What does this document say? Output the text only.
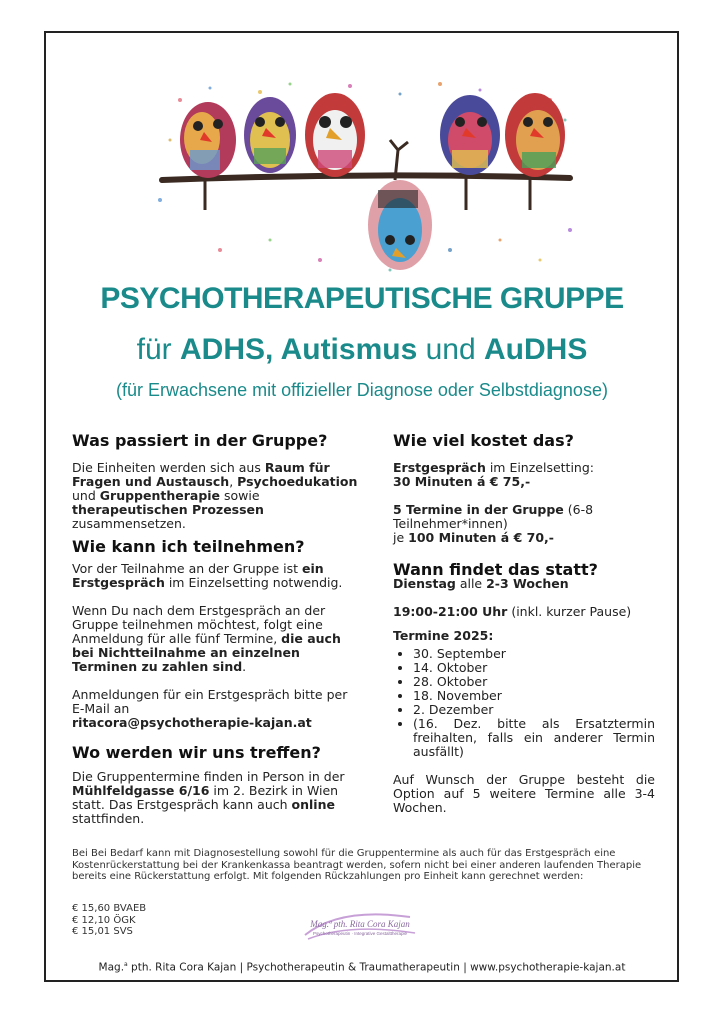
PSYCHOTHERAPEUTISCHE GRUPPE
für ADHS, Autismus und AuDHS
(für Erwachsene mit offizieller Diagnose oder Selbstdiagnose)
Was passiert in der Gruppe?

Die Einheiten werden sich aus Raum für Fragen und Austausch, Psychoedukation und Gruppentherapie sowie therapeutischen Prozessen zusammensetzen.

Wie kann ich teilnehmen?

Vor der Teilnahme an der Gruppe ist ein Erstgespräch im Einzelsetting notwendig.

Wenn Du nach dem Erstgespräch an der Gruppe teilnehmen möchtest, folgt eine Anmeldung für alle fünf Termine, die auch bei Nichtteilnahme an einzelnen Terminen zu zahlen sind.

Anmeldungen für ein Erstgespräch bitte per E-Mail an
ritacora@psychotherapie-kajan.at

Wo werden wir uns treffen?

Die Gruppentermine finden in Person in der Mühlfeldgasse 6/16 im 2. Bezirk in Wien statt. Das Erstgespräch kann auch online stattfinden.

Wie viel kostet das?

Erstgespräch im Einzelsetting:
30 Minuten á € 75,-

5 Termine in der Gruppe (6-8 Teilnehmer*innen)
je 100 Minuten á € 70,-

Wann findet das statt?

Dienstag alle 2-3 Wochen

19:00-21:00 Uhr (inkl. kurzer Pause)

Termine 2025:

• 30. September
• 14. Oktober
• 28. Oktober
• 18. November
• 2. Dezember
• (16. Dez. bitte als Ersatztermin freihalten, falls ein anderer Termin ausfällt)

Auf Wunsch der Gruppe besteht die Option auf 5 weitere Termine alle 3-4 Wochen.

Bei Bei Bedarf kann mit Diagnosestellung sowohl für die Gruppentermine als auch für das Erstgespräch eine Kostenrückerstattung bei der Krankenkassa beantragt werden, sofern nicht bei einer anderen laufenden Therapie bereits eine Rückerstattung erfolgt. Mit folgenden Rückzahlungen pro Einheit kann gerechnet werden:
€ 15,60 BVAEB
€ 12,10 ÖGK
€ 15,01 SVS
Mag.ª pth. Rita Cora Kajan
Psychotherapeutin · Integrative Gestalttherapie
Mag.$^a$ pth. Rita Cora Kajan | Psychotherapeutin & Traumatherapeutin | www.psychotherapie-kajan.at
